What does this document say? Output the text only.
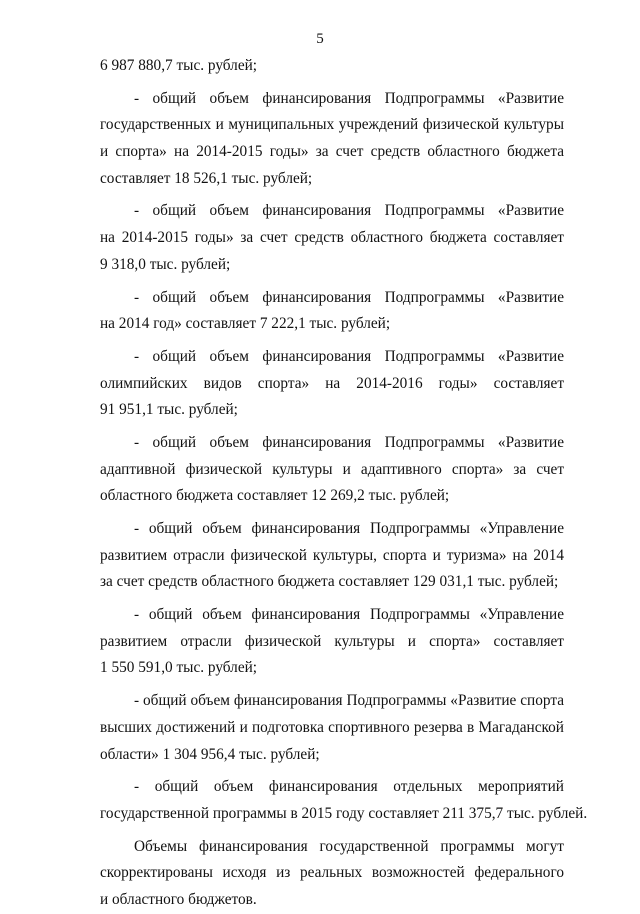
5
6 987 880,7 тыс. рублей;
- общий объем финансирования Подпрограммы «Развитие
государственных и муниципальных учреждений физической культуры
и спорта» на 2014-2015 годы» за счет средств областного бюджета
составляет 18 526,1 тыс. рублей;
- общий объем финансирования Подпрограммы «Развитие
на 2014-2015 годы» за счет средств областного бюджета составляет
9 318,0 тыс. рублей;
- общий объем финансирования Подпрограммы «Развитие
на 2014 год» составляет 7 222,1 тыс. рублей;
- общий объем финансирования Подпрограммы «Развитие
олимпийских видов спорта» на 2014-2016 годы» составляет
91 951,1 тыс. рублей;
- общий объем финансирования Подпрограммы «Развитие
адаптивной физической культуры и адаптивного спорта» за счет
областного бюджета составляет 12 269,2 тыс. рублей;
- общий объем финансирования Подпрограммы «Управление
развитием отрасли физической культуры, спорта и туризма» на 2014
за счет средств областного бюджета составляет 129 031,1 тыс. рублей;
- общий объем финансирования Подпрограммы «Управление
развитием отрасли физической культуры и спорта» составляет
1 550 591,0 тыс. рублей;
- общий объем финансирования Подпрограммы «Развитие спорта
высших достижений и подготовка спортивного резерва в Магаданской
области» 1 304 956,4 тыс. рублей;
- общий объем финансирования отдельных мероприятий
государственной программы в 2015 году составляет 211 375,7 тыс. рублей.
Объемы финансирования государственной программы могут
скорректированы исходя из реальных возможностей федерального
и областного бюджетов.
